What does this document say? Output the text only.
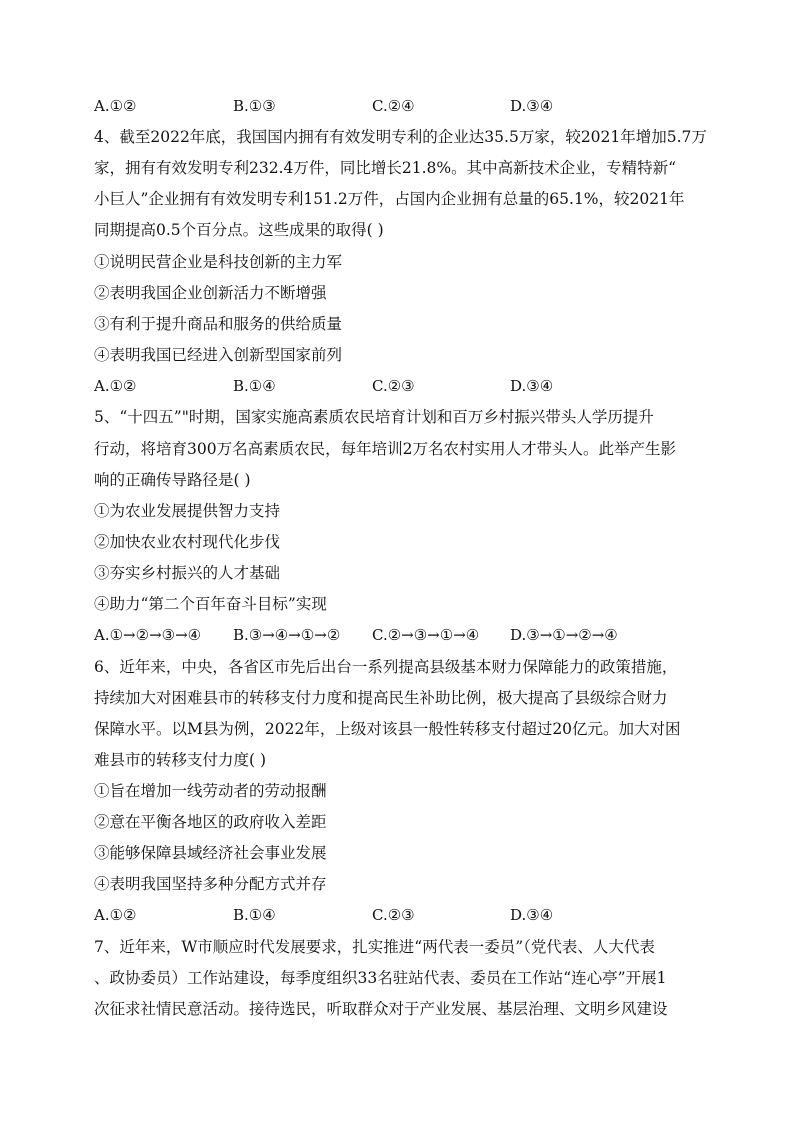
A.①②	B.①③	C.②④	D.③④
4、截至2022年底，我国国内拥有有效发明专利的企业达35.5万家，较2021年增加5.7万
家，拥有有效发明专利232.4万件，同比增长21.8%。其中高新技术企业，专精特新“
小巨人”企业拥有有效发明专利151.2万件，占国内企业拥有总量的65.1%，较2021年
同期提高0.5个百分点。这些成果的取得( )
①说明民营企业是科技创新的主力军
②表明我国企业创新活力不断增强
③有利于提升商品和服务的供给质量
④表明我国已经进入创新型国家前列
A.①②	B.①④	C.②③	D.③④
5、“十四五”"时期，国家实施高素质农民培育计划和百万乡村振兴带头人学历提升
行动，将培育300万名高素质农民，每年培训2万名农村实用人才带头人。此举产生影
响的正确传导路径是( )
①为农业发展提供智力支持
②加快农业农村现代化步伐
③夯实乡村振兴的人才基础
④助力“第二个百年奋斗目标”实现
A.①→②→③→④ B.③→④→①→② C.②→③→①→④ D.③→①→②→④
6、近年来，中央，各省区市先后出台一系列提高县级基本财力保障能力的政策措施，
持续加大对困难县市的转移支付力度和提高民生补助比例，极大提高了县级综合财力
保障水平。以M县为例，2022年，上级对该县一般性转移支付超过20亿元。加大对困
难县市的转移支付力度( )
①旨在增加一线劳动者的劳动报酬
②意在平衡各地区的政府收入差距
③能够保障县域经济社会事业发展
④表明我国坚持多种分配方式并存
A.①②	B.①④	C.②③	D.③④
7、近年来，W市顺应时代发展要求，扎实推进“两代表一委员”（党代表、人大代表
、政协委员）工作站建设，每季度组织33名驻站代表、委员在工作站“连心亭”开展1
次征求社情民意活动。接待选民，听取群众对于产业发展、基层治理、文明乡风建设
